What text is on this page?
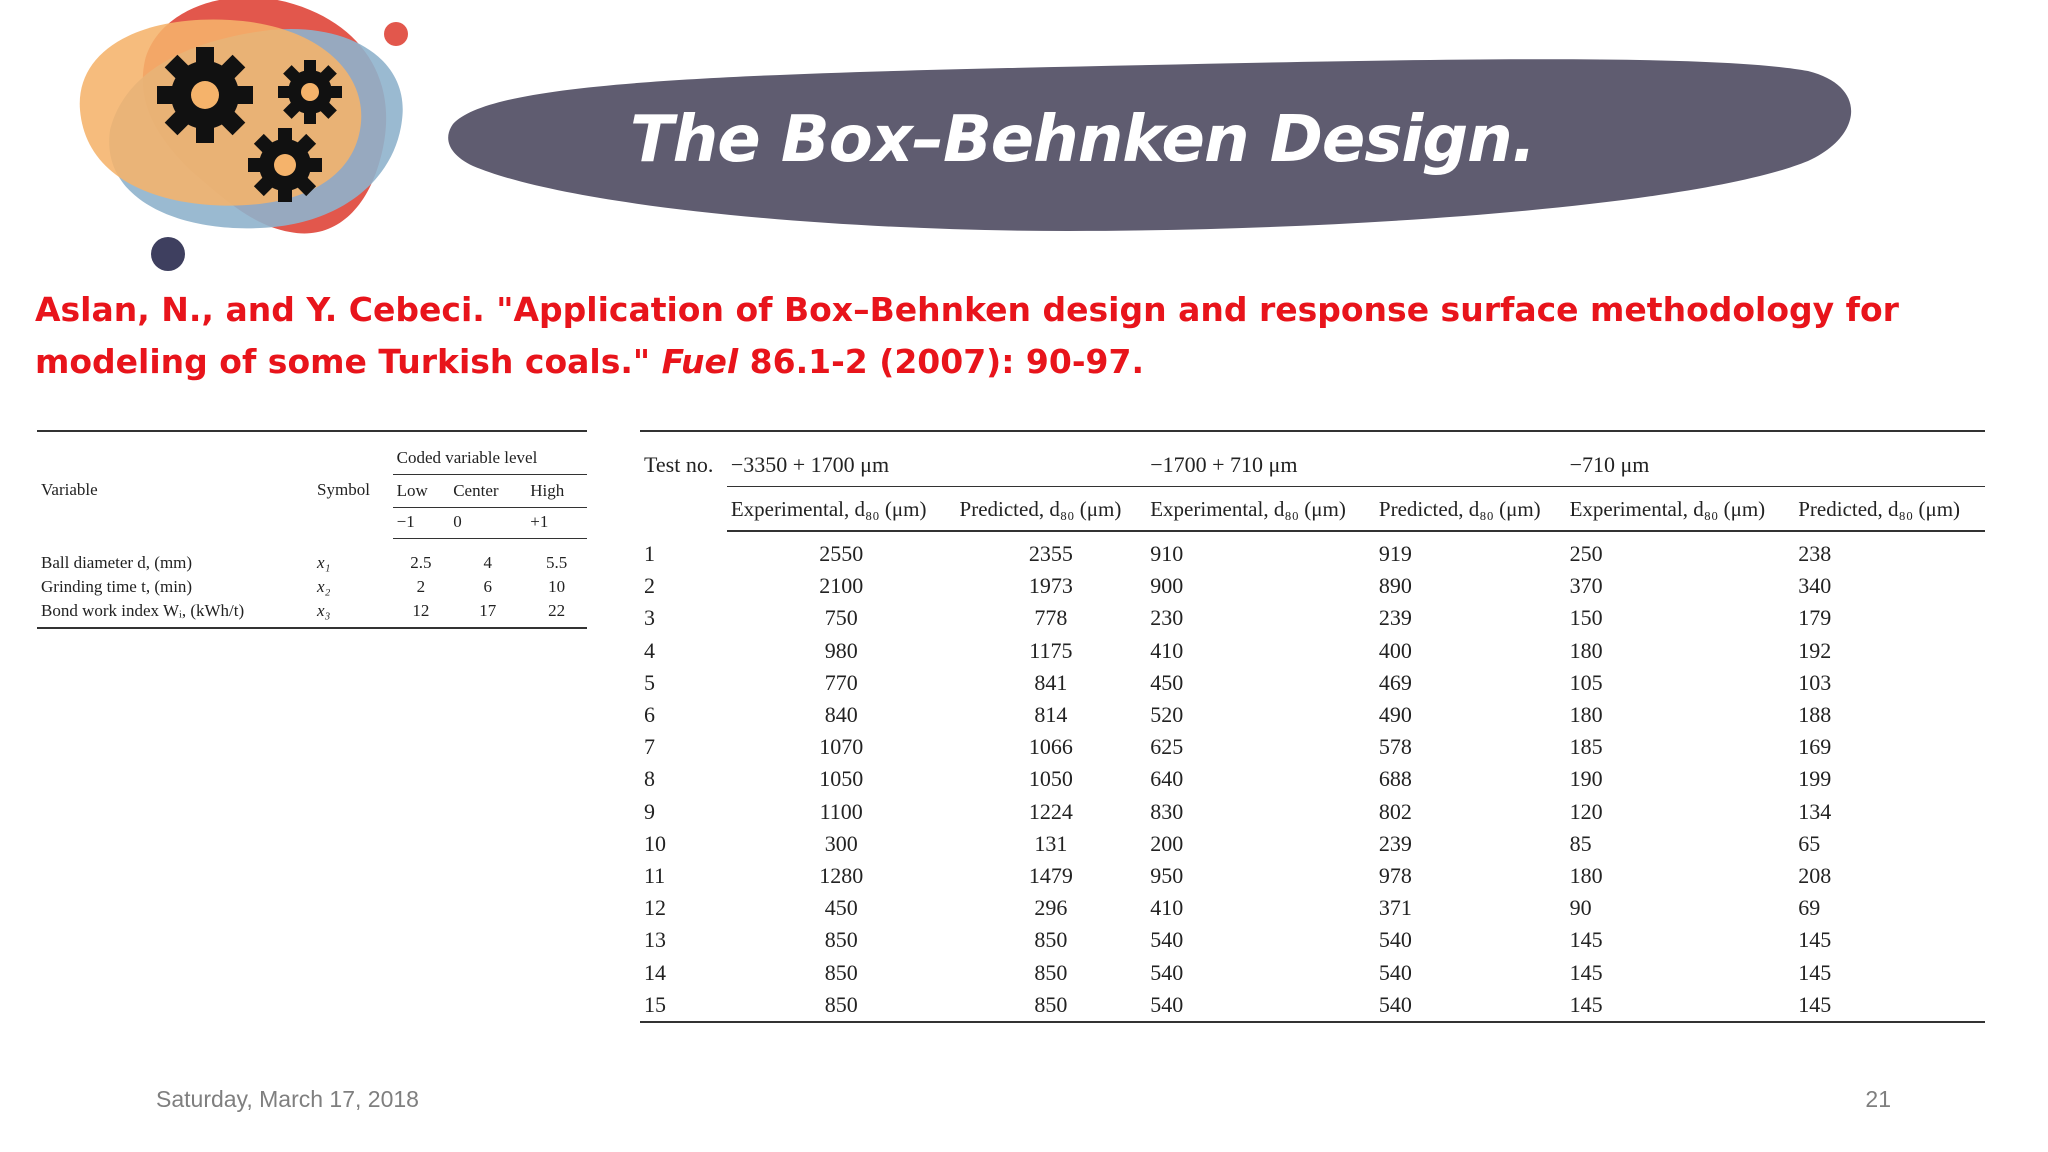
The Box–Behnken Design.

Aslan, N., and Y. Cebeci. "Application of Box–Behnken design and response surface methodology for modeling of some Turkish coals." Fuel 86.1-2 (2007): 90-97.

Variable	Symbol	Coded variable level		
		Low	Center	High
		−1	0	+1
Ball diameter d, (mm)	x₁	2.5	4	5.5
Grinding time t, (min)	x₂	2	6	10
Bond work index Wᵢ, (kWh/t)	x₃	12	17	22
Test no.	−3350 + 1700 μm		−1700 + 710 μm		−710 μm	
	Experimental, d₈₀ (μm)	Predicted, d₈₀ (μm)	Experimental, d₈₀ (μm)	Predicted, d₈₀ (μm)	Experimental, d₈₀ (μm)	Predicted, d₈₀ (μm)
1	2550	2355	910	919	250	238
2	2100	1973	900	890	370	340
3	750	778	230	239	150	179
4	980	1175	410	400	180	192
5	770	841	450	469	105	103
6	840	814	520	490	180	188
7	1070	1066	625	578	185	169
8	1050	1050	640	688	190	199
9	1100	1224	830	802	120	134
10	300	131	200	239	85	65
11	1280	1479	950	978	180	208
12	450	296	410	371	90	69
13	850	850	540	540	145	145
14	850	850	540	540	145	145
15	850	850	540	540	145	145
Saturday, March 17, 2018	21
